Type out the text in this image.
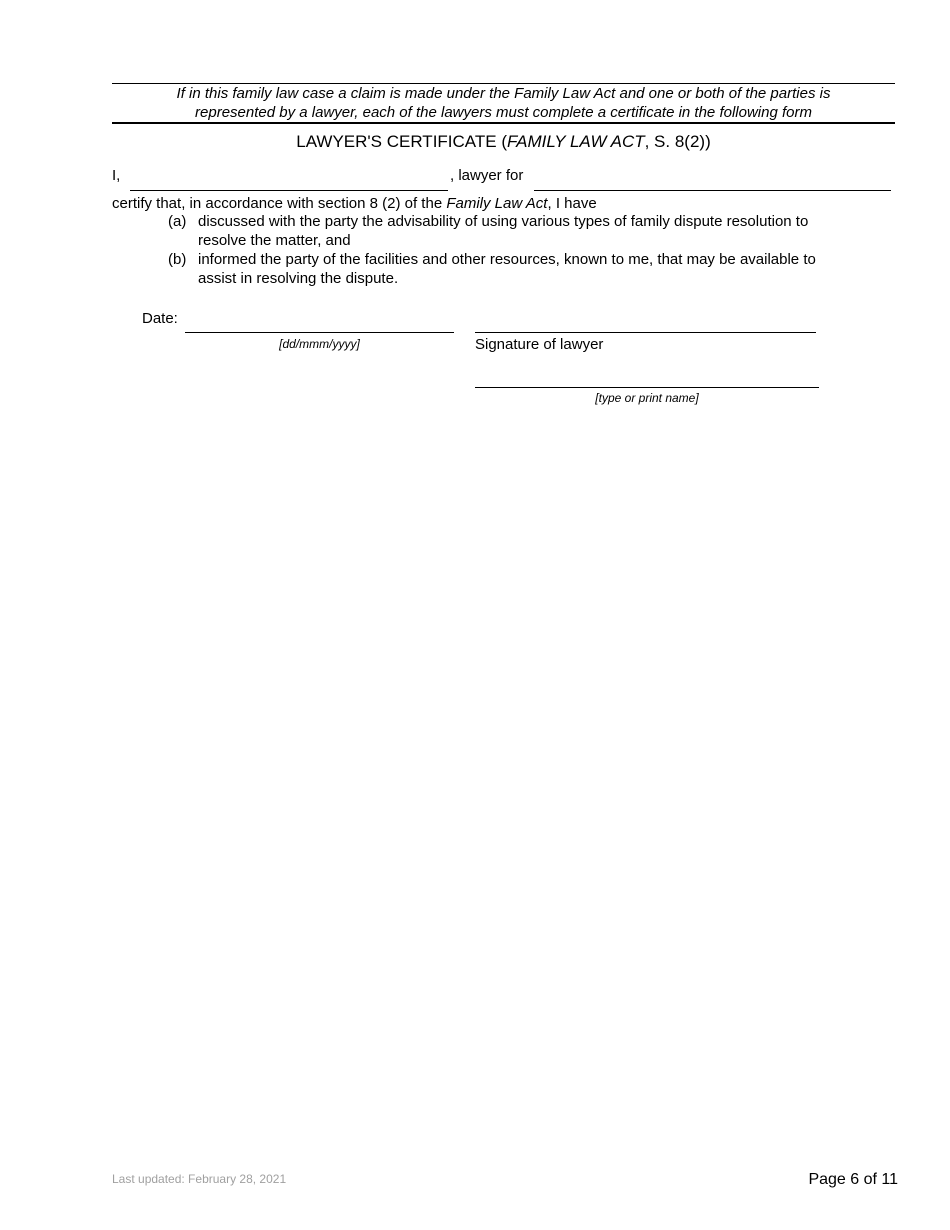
If in this family law case a claim is made under the Family Law Act and one or both of the parties is
represented by a lawyer, each of the lawyers must complete a certificate in the following form
LAWYER'S CERTIFICATE (FAMILY LAW ACT, S. 8(2))
I,	, lawyer for
certify that, in accordance with section 8 (2) of the Family Law Act, I have
(a) discussed with the party the advisability of using various types of family dispute resolution to
resolve the matter, and
(b) informed the party of the facilities and other resources, known to me, that may be available to
assist in resolving the dispute.
Date:
[dd/mmm/yyyy]	Signature of lawyer
[type or print name]
Last updated: February 28, 2021	Page 6 of 11
